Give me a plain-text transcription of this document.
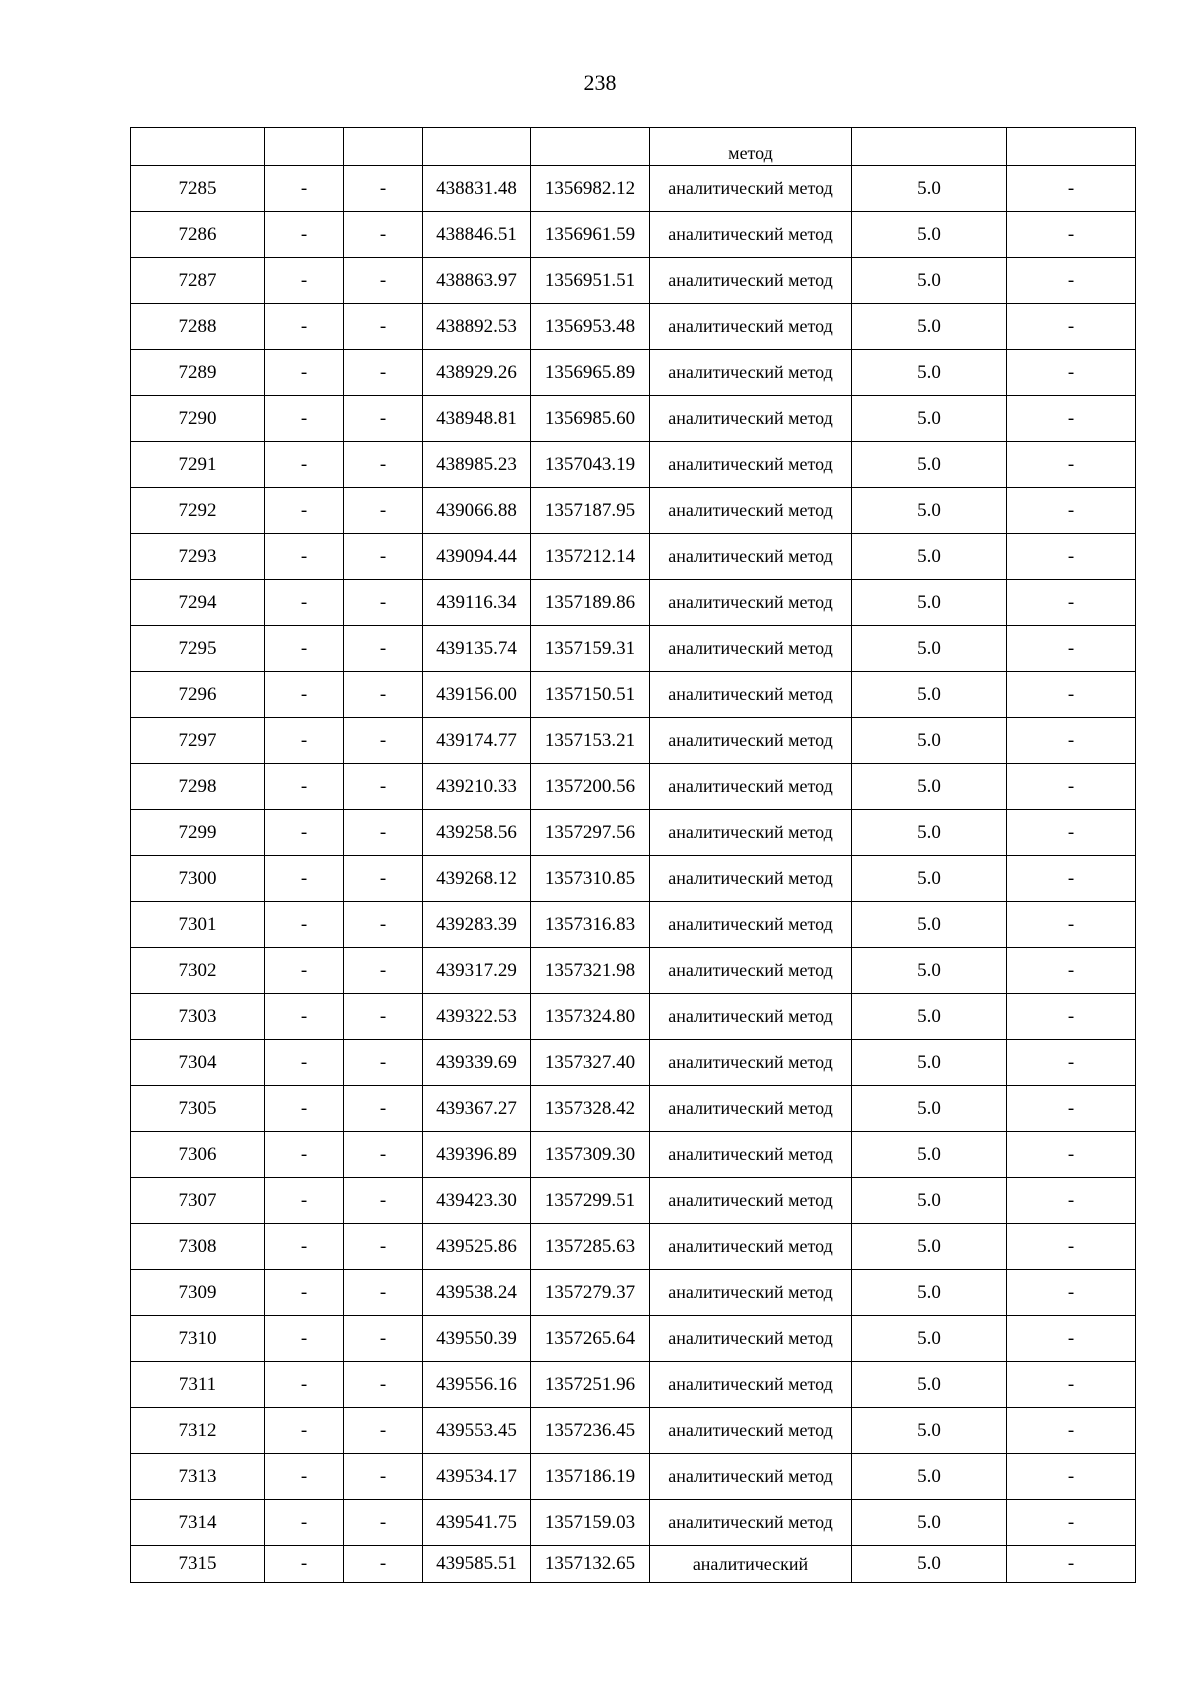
238

					метод		

7285	-	-	438831.48	1356982.12	аналитический метод	5.0	-
7286	-	-	438846.51	1356961.59	аналитический метод	5.0	-
7287	-	-	438863.97	1356951.51	аналитический метод	5.0	-
7288	-	-	438892.53	1356953.48	аналитический метод	5.0	-
7289	-	-	438929.26	1356965.89	аналитический метод	5.0	-
7290	-	-	438948.81	1356985.60	аналитический метод	5.0	-
7291	-	-	438985.23	1357043.19	аналитический метод	5.0	-
7292	-	-	439066.88	1357187.95	аналитический метод	5.0	-
7293	-	-	439094.44	1357212.14	аналитический метод	5.0	-
7294	-	-	439116.34	1357189.86	аналитический метод	5.0	-
7295	-	-	439135.74	1357159.31	аналитический метод	5.0	-
7296	-	-	439156.00	1357150.51	аналитический метод	5.0	-
7297	-	-	439174.77	1357153.21	аналитический метод	5.0	-
7298	-	-	439210.33	1357200.56	аналитический метод	5.0	-
7299	-	-	439258.56	1357297.56	аналитический метод	5.0	-
7300	-	-	439268.12	1357310.85	аналитический метод	5.0	-
7301	-	-	439283.39	1357316.83	аналитический метод	5.0	-
7302	-	-	439317.29	1357321.98	аналитический метод	5.0	-
7303	-	-	439322.53	1357324.80	аналитический метод	5.0	-
7304	-	-	439339.69	1357327.40	аналитический метод	5.0	-
7305	-	-	439367.27	1357328.42	аналитический метод	5.0	-
7306	-	-	439396.89	1357309.30	аналитический метод	5.0	-
7307	-	-	439423.30	1357299.51	аналитический метод	5.0	-
7308	-	-	439525.86	1357285.63	аналитический метод	5.0	-
7309	-	-	439538.24	1357279.37	аналитический метод	5.0	-
7310	-	-	439550.39	1357265.64	аналитический метод	5.0	-
7311	-	-	439556.16	1357251.96	аналитический метод	5.0	-
7312	-	-	439553.45	1357236.45	аналитический метод	5.0	-
7313	-	-	439534.17	1357186.19	аналитический метод	5.0	-
7314	-	-	439541.75	1357159.03	аналитический метод	5.0	-
7315	-	-	439585.51	1357132.65	аналитический	5.0	-
